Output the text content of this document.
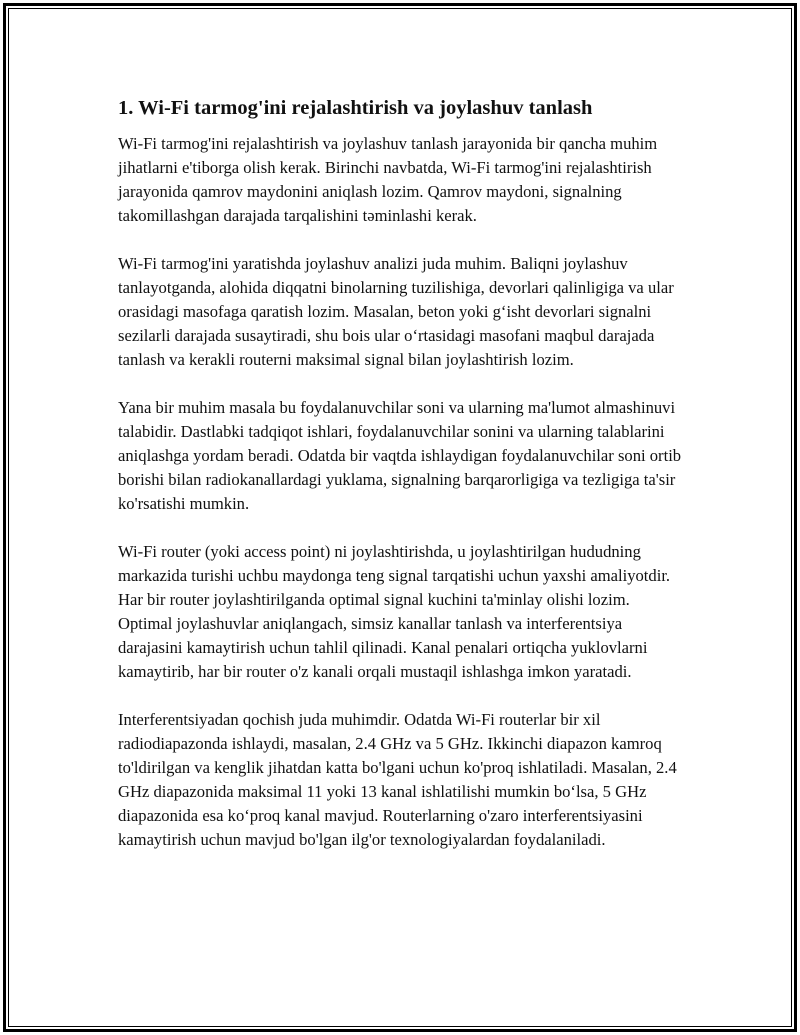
1. Wi-Fi tarmog'ini rejalashtirish va joylashuv tanlash

Wi-Fi tarmog'ini rejalashtirish va joylashuv tanlash jarayonida bir qancha muhim jihatlarni e'tiborga olish kerak. Birinchi navbatda, Wi-Fi tarmog'ini rejalashtirish jarayonida qamrov maydonini aniqlash lozim. Qamrov maydoni, signalning takomillashgan darajada tarqalishini təminlashi kerak.

Wi-Fi tarmog'ini yaratishda joylashuv analizi juda muhim. Baliqni joylashuv tanlayotganda, alohida diqqatni binolarning tuzilishiga, devorlari qalinligiga va ular orasidagi masofaga qaratish lozim. Masalan, beton yoki g‘isht devorlari signalni sezilarli darajada susaytiradi, shu bois ular o‘rtasidagi masofani maqbul darajada tanlash va kerakli routerni maksimal signal bilan joylashtirish lozim.

Yana bir muhim masala bu foydalanuvchilar soni va ularning ma'lumot almashinuvi talabidir. Dastlabki tadqiqot ishlari, foydalanuvchilar sonini va ularning talablarini aniqlashga yordam beradi. Odatda bir vaqtda ishlaydigan foydalanuvchilar soni ortib borishi bilan radiokanallardagi yuklama, signalning barqarorligiga va tezligiga ta'sir ko'rsatishi mumkin.

Wi-Fi router (yoki access point) ni joylashtirishda, u joylashtirilgan hududning markazida turishi uchbu maydonga teng signal tarqatishi uchun yaxshi amaliyotdir. Har bir router joylashtirilganda optimal signal kuchini ta'minlay olishi lozim. Optimal joylashuvlar aniqlangach, simsiz kanallar tanlash va interferentsiya darajasini kamaytirish uchun tahlil qilinadi. Kanal penalari ortiqcha yuklovlarni kamaytirib, har bir router o'z kanali orqali mustaqil ishlashga imkon yaratadi.

Interferentsiyadan qochish juda muhimdir. Odatda Wi-Fi routerlar bir xil radiodiapazonda ishlaydi, masalan, 2.4 GHz va 5 GHz. Ikkinchi diapazon kamroq to'ldirilgan va kenglik jihatdan katta bo'lgani uchun ko'proq ishlatiladi. Masalan, 2.4 GHz diapazonida maksimal 11 yoki 13 kanal ishlatilishi mumkin bo‘lsa, 5 GHz diapazonida esa ko‘proq kanal mavjud. Routerlarning o'zaro interferentsiyasini kamaytirish uchun mavjud bo'lgan ilg'or texnologiyalardan foydalaniladi.
